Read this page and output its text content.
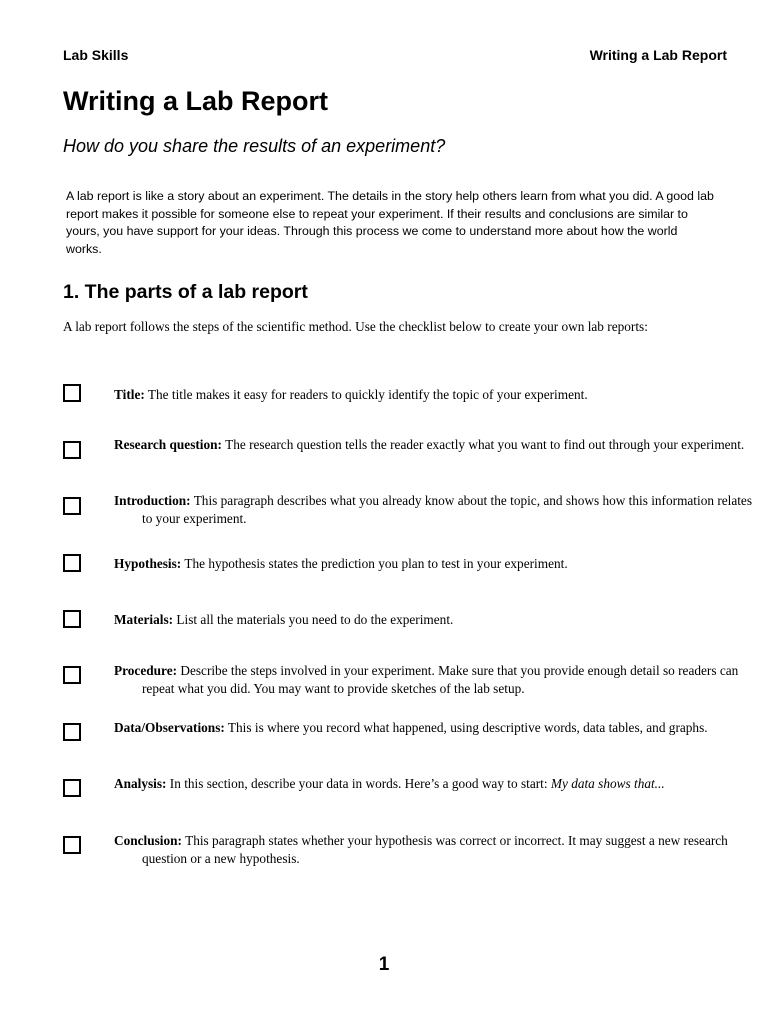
Lab Skills	Writing a Lab Report
Writing a Lab Report
How do you share the results of an experiment?
A lab report is like a story about an experiment. The details in the story help others learn from what you did. A good lab report makes it possible for someone else to repeat your experiment. If their results and conclusions are similar to yours, you have support for your ideas. Through this process we come to understand more about how the world works.
1. The parts of a lab report
A lab report follows the steps of the scientific method. Use the checklist below to create your own lab reports:
Title: The title makes it easy for readers to quickly identify the topic of your experiment.
Research question: The research question tells the reader exactly what you want to find out through your experiment.
Introduction: This paragraph describes what you already know about the topic, and shows how this information relates to your experiment.
Hypothesis: The hypothesis states the prediction you plan to test in your experiment.
Materials: List all the materials you need to do the experiment.
Procedure: Describe the steps involved in your experiment. Make sure that you provide enough detail so readers can repeat what you did. You may want to provide sketches of the lab setup.
Data/Observations: This is where you record what happened, using descriptive words, data tables, and graphs.
Analysis: In this section, describe your data in words. Here’s a good way to start: My data shows that...
Conclusion: This paragraph states whether your hypothesis was correct or incorrect. It may suggest a new research question or a new hypothesis.
1
